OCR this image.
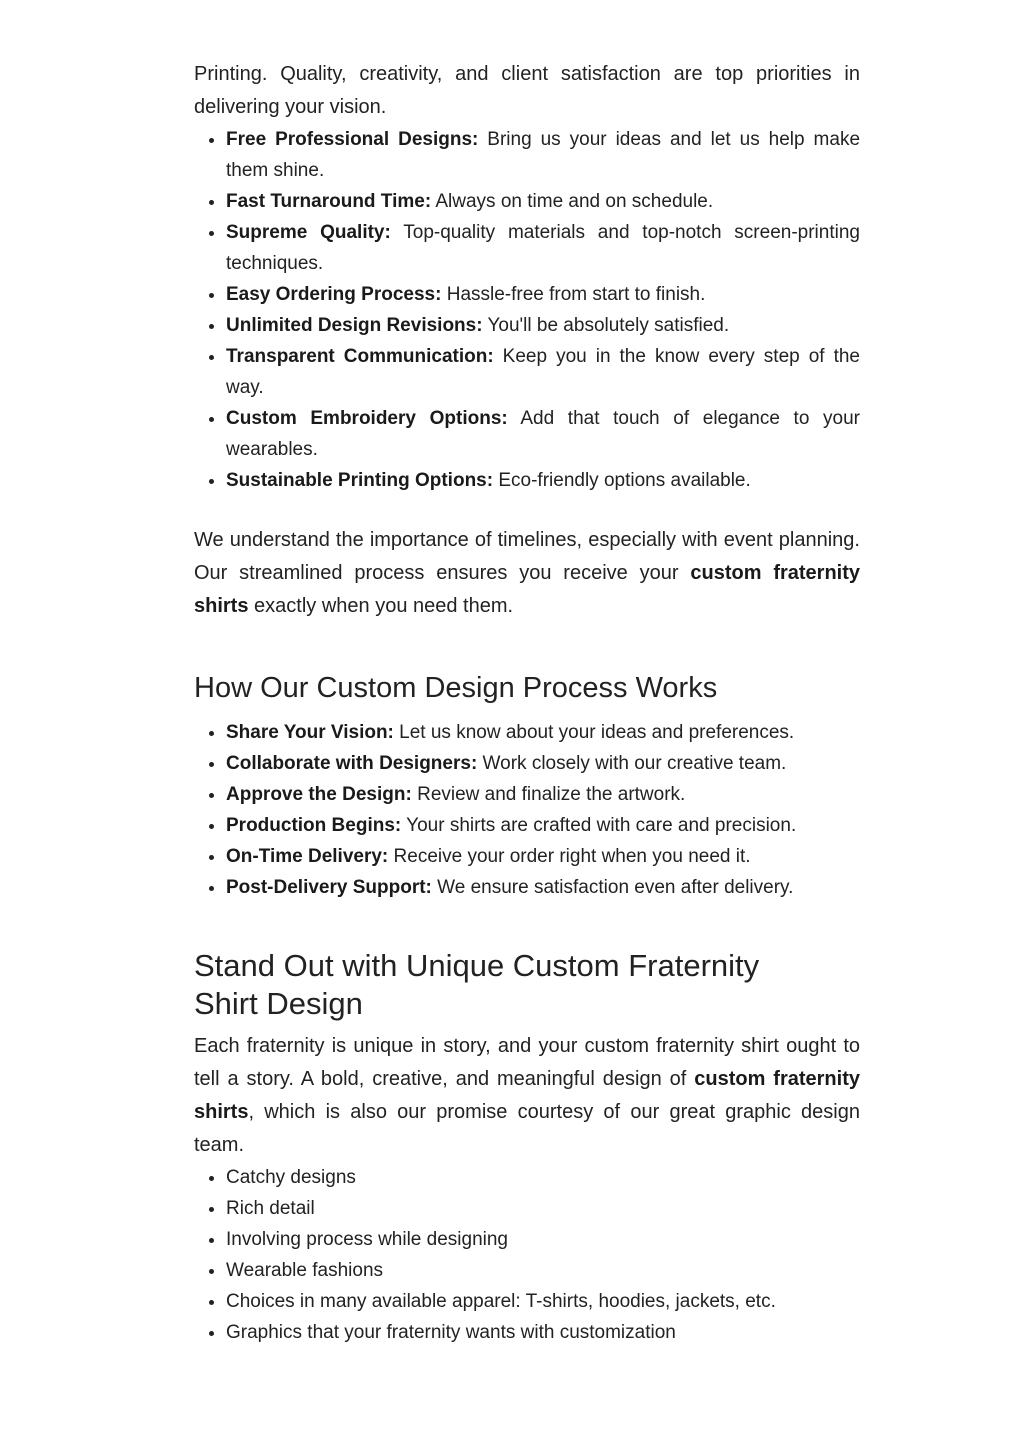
Printing. Quality, creativity, and client satisfaction are top priorities in delivering your vision.

• Free Professional Designs: Bring us your ideas and let us help make them shine.
• Fast Turnaround Time: Always on time and on schedule.
• Supreme Quality: Top-quality materials and top-notch screen-printing techniques.
• Easy Ordering Process: Hassle-free from start to finish.
• Unlimited Design Revisions: You'll be absolutely satisfied.
• Transparent Communication: Keep you in the know every step of the way.
• Custom Embroidery Options: Add that touch of elegance to your wearables.
• Sustainable Printing Options: Eco-friendly options available.

We understand the importance of timelines, especially with event planning. Our streamlined process ensures you receive your custom fraternity shirts exactly when you need them.

How Our Custom Design Process Works
• Share Your Vision: Let us know about your ideas and preferences.
• Collaborate with Designers: Work closely with our creative team.
• Approve the Design: Review and finalize the artwork.
• Production Begins: Your shirts are crafted with care and precision.
• On-Time Delivery: Receive your order right when you need it.
• Post-Delivery Support: We ensure satisfaction even after delivery.
Stand Out with Unique Custom Fraternity Shirt Design

Each fraternity is unique in story, and your custom fraternity shirt ought to tell a story. A bold, creative, and meaningful design of custom fraternity shirts, which is also our promise courtesy of our great graphic design team.

• Catchy designs
• Rich detail
• Involving process while designing
• Wearable fashions
• Choices in many available apparel: T-shirts, hoodies, jackets, etc.
• Graphics that your fraternity wants with customization
